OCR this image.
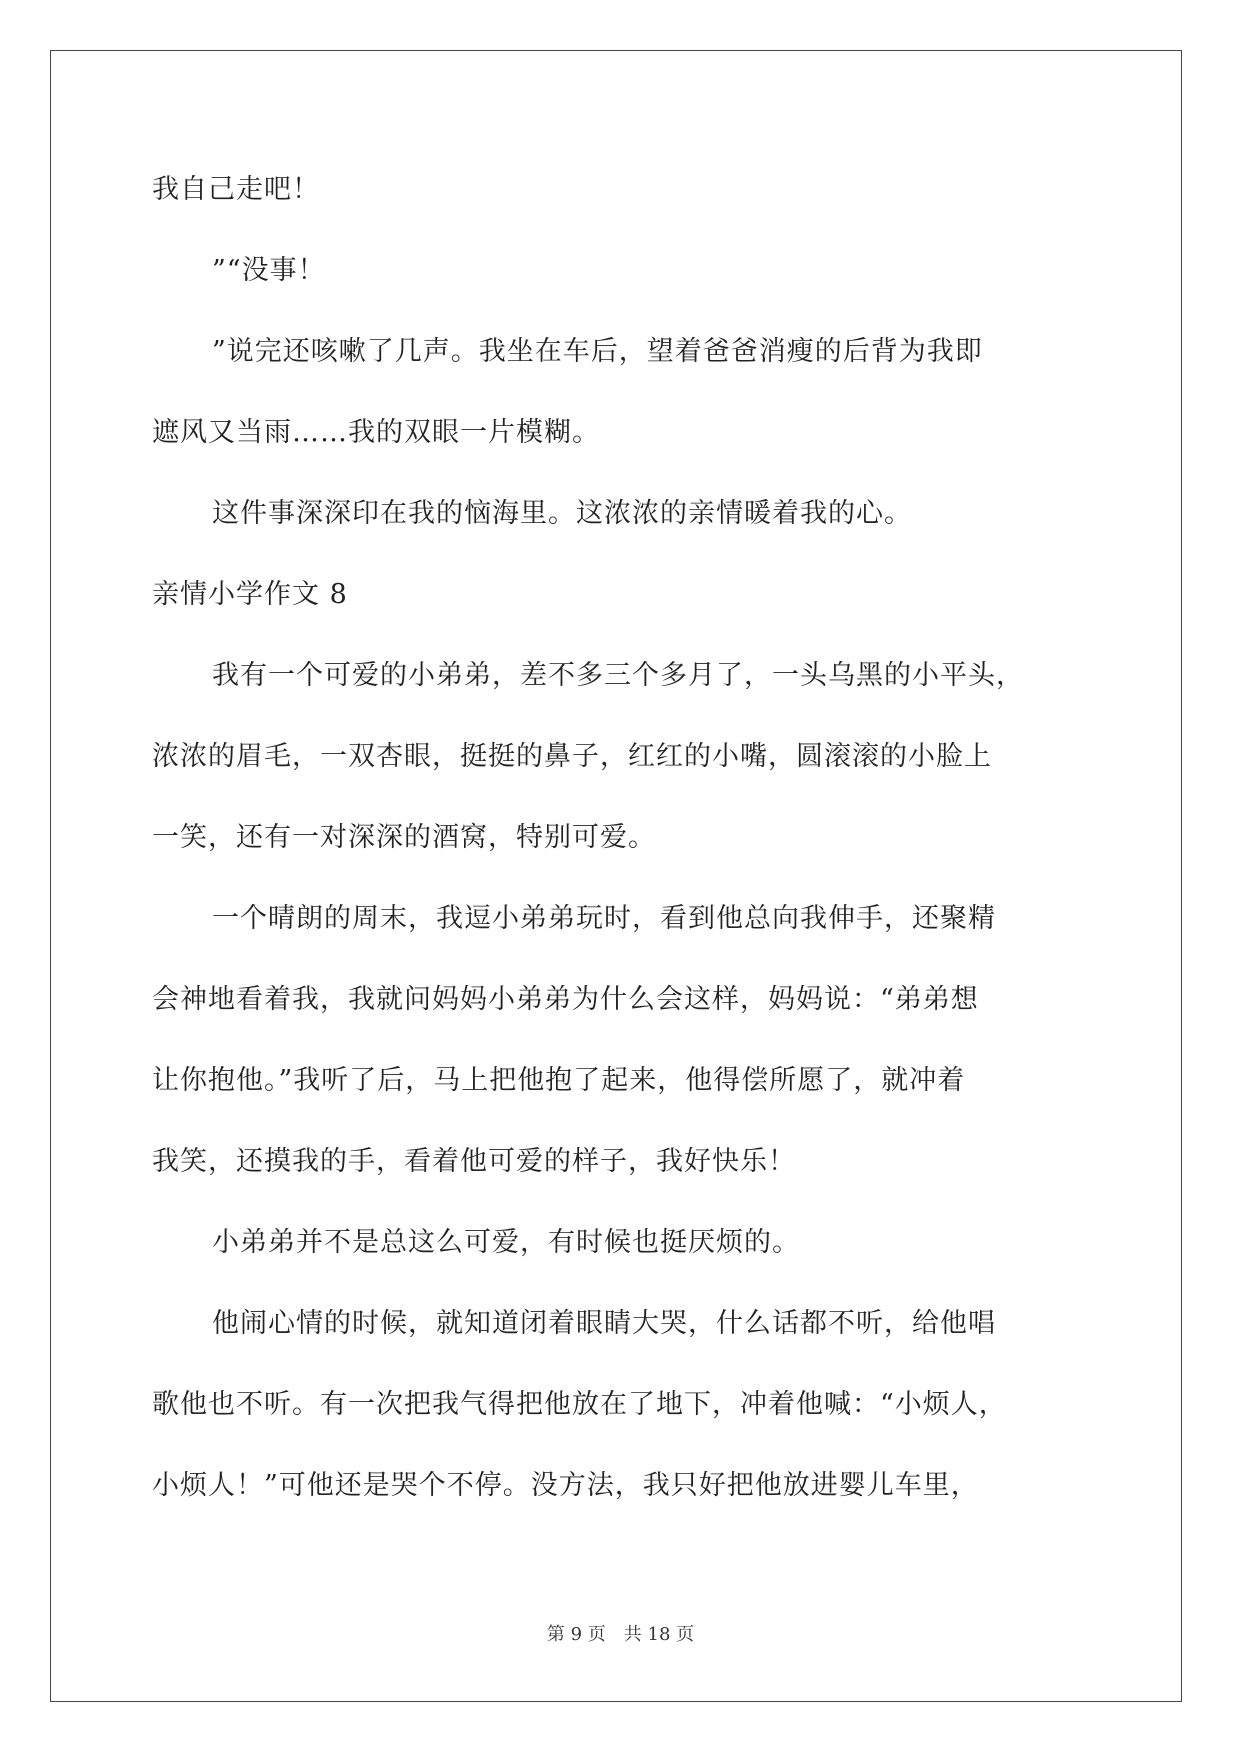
我自己走吧！
”“没事！
”说完还咳嗽了几声。我坐在车后，望着爸爸消瘦的后背为我即
遮风又当雨……我的双眼一片模糊。
这件事深深印在我的恼海里。这浓浓的亲情暖着我的心。
亲情小学作文 8
我有一个可爱的小弟弟，差不多三个多月了，一头乌黑的小平头，
浓浓的眉毛，一双杏眼，挺挺的鼻子，红红的小嘴，圆滚滚的小脸上
一笑，还有一对深深的酒窝，特别可爱。
一个晴朗的周末，我逗小弟弟玩时，看到他总向我伸手，还聚精
会神地看着我，我就问妈妈小弟弟为什么会这样，妈妈说：“弟弟想
让你抱他。”我听了后，马上把他抱了起来，他得偿所愿了，就冲着
我笑，还摸我的手，看着他可爱的样子，我好快乐！
小弟弟并不是总这么可爱，有时候也挺厌烦的。
他闹心情的时候，就知道闭着眼睛大哭，什么话都不听，给他唱
歌他也不听。有一次把我气得把他放在了地下，冲着他喊：“小烦人，
小烦人！”可他还是哭个不停。没方法，我只好把他放进婴儿车里，
第 9 页 共 18 页
